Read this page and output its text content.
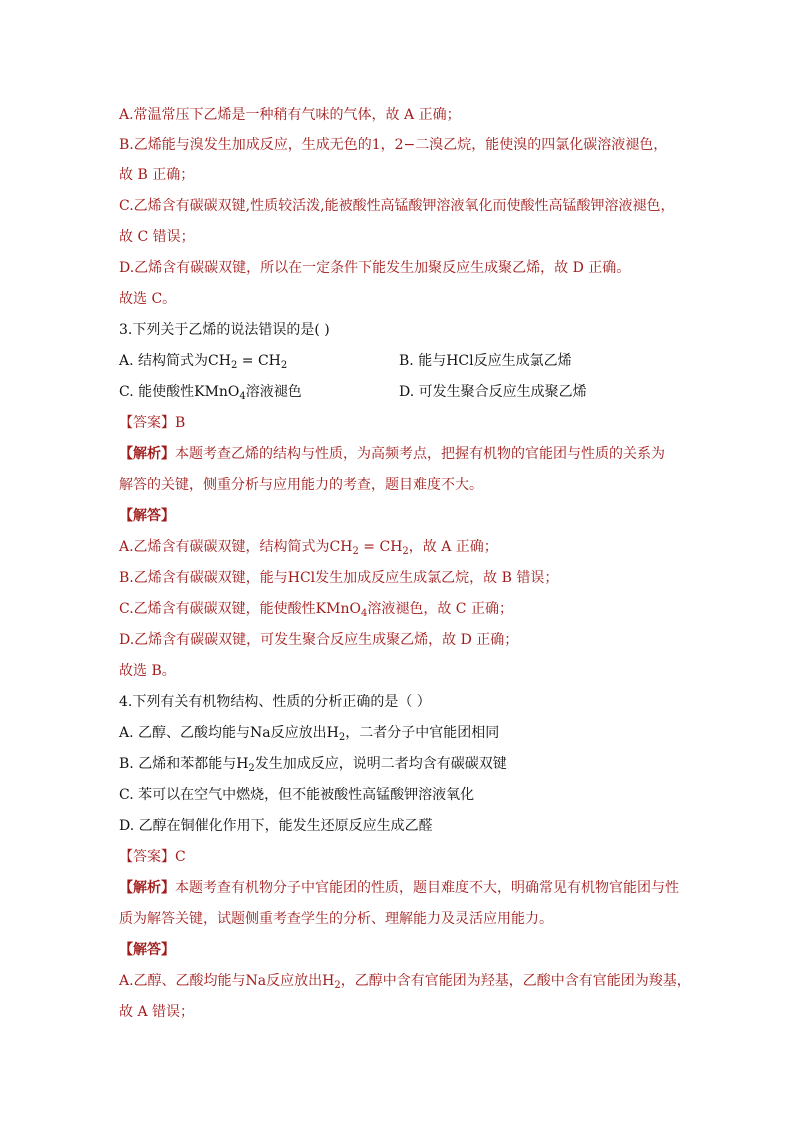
A.常温常压下乙烯是一种稍有气味的气体，故 A 正确；
B.乙烯能与溴发生加成反应，生成无色的1，2−二溴乙烷，能使溴的四氯化碳溶液褪色，
故 B 正确；
C.乙烯含有碳碳双键,性质较活泼,能被酸性高锰酸钾溶液氧化而使酸性高锰酸钾溶液褪色，
故 C 错误；
D.乙烯含有碳碳双键，所以在一定条件下能发生加聚反应生成聚乙烯，故 D 正确。
故选 C。
3.下列关于乙烯的说法错误的是( )
A. 结构简式为$CH_2 = CH_2$	B. 能与HCl反应生成氯乙烯
C. 能使酸性KMnO$_4$溶液褪色	D. 可发生聚合反应生成聚乙烯
【答案】B
【解析】本题考查乙烯的结构与性质，为高频考点，把握有机物的官能团与性质的关系为
解答的关键，侧重分析与应用能力的考查，题目难度不大。
【解答】
A.乙烯含有碳碳双键，结构简式为$CH_2 = CH_2$，故 A 正确；
B.乙烯含有碳碳双键，能与HCl发生加成反应生成氯乙烷，故 B 错误；
C.乙烯含有碳碳双键，能使酸性KMnO$_4$溶液褪色，故 C 正确；
D.乙烯含有碳碳双键，可发生聚合反应生成聚乙烯，故 D 正确；
故选 B。
4.下列有关有机物结构、性质的分析正确的是（ ）
A. 乙醇、乙酸均能与Na反应放出$H_2$，二者分子中官能团相同
B. 乙烯和苯都能与$H_2$发生加成反应，说明二者均含有碳碳双键
C. 苯可以在空气中燃烧，但不能被酸性高锰酸钾溶液氧化
D. 乙醇在铜催化作用下，能发生还原反应生成乙醛
【答案】C
【解析】本题考查有机物分子中官能团的性质，题目难度不大，明确常见有机物官能团与性
质为解答关键，试题侧重考查学生的分析、理解能力及灵活应用能力。
【解答】
A.乙醇、乙酸均能与Na反应放出$H_2$，乙醇中含有官能团为羟基，乙酸中含有官能团为羧基，
故 A 错误；
